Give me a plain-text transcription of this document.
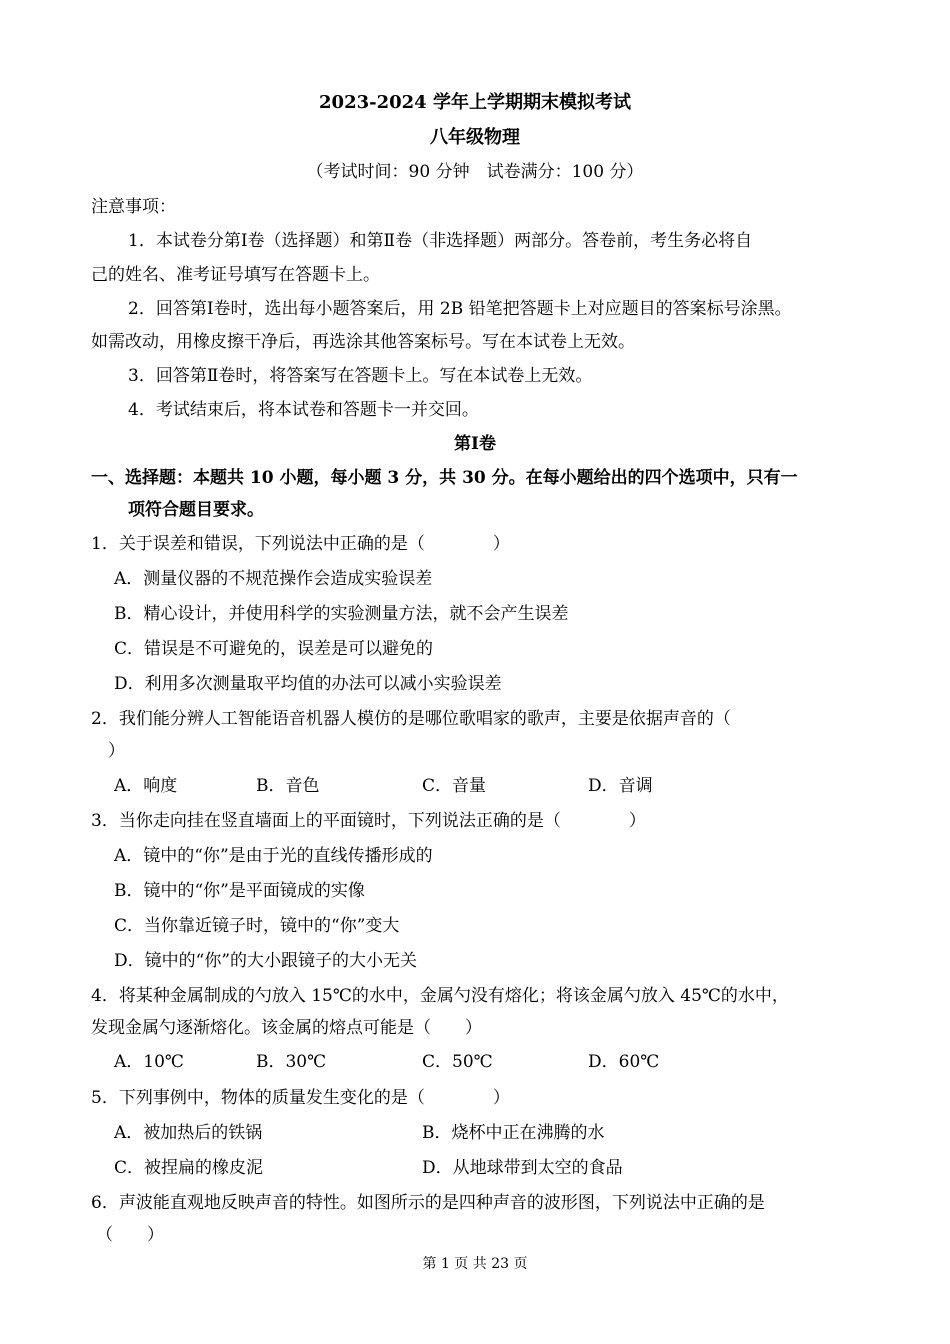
2023-2024 学年上学期期末模拟考试
八年级物理
（考试时间：90 分钟　试卷满分：100 分）
注意事项：
1．本试卷分第Ⅰ卷（选择题）和第Ⅱ卷（非选择题）两部分。答卷前，考生务必将自
己的姓名、准考证号填写在答题卡上。
2．回答第Ⅰ卷时，选出每小题答案后，用 2B 铅笔把答题卡上对应题目的答案标号涂黑。
如需改动，用橡皮擦干净后，再选涂其他答案标号。写在本试卷上无效。
3．回答第Ⅱ卷时，将答案写在答题卡上。写在本试卷上无效。
4．考试结束后，将本试卷和答题卡一并交回。
第Ⅰ卷
一、选择题：本题共 10 小题，每小题 3 分，共 30 分。在每小题给出的四个选项中，只有一
项符合题目要求。
1．关于误差和错误，下列说法中正确的是（　　　　）
A．测量仪器的不规范操作会造成实验误差
B．精心设计，并使用科学的实验测量方法，就不会产生误差
C．错误是不可避免的，误差是可以避免的
D．利用多次测量取平均值的办法可以减小实验误差
2．我们能分辨人工智能语音机器人模仿的是哪位歌唱家的歌声，主要是依据声音的（
）
A．响度	B．音色	C．音量	D．音调
3．当你走向挂在竖直墙面上的平面镜时，下列说法正确的是（　　　　）
A．镜中的“你”是由于光的直线传播形成的
B．镜中的“你”是平面镜成的实像
C．当你靠近镜子时，镜中的“你”变大
D．镜中的“你”的大小跟镜子的大小无关
4．将某种金属制成的勺放入 15℃的水中，金属勺没有熔化；将该金属勺放入 45℃的水中，
发现金属勺逐渐熔化。该金属的熔点可能是（　　）
A．10℃	B．30℃	C．50℃	D．60℃
5．下列事例中，物体的质量发生变化的是（　　　　）
A．被加热后的铁锅	B．烧杯中正在沸腾的水
C．被捏扁的橡皮泥	D．从地球带到太空的食品
6．声波能直观地反映声音的特性。如图所示的是四种声音的波形图，下列说法中正确的是
（　　）
第 1 页 共 23 页
